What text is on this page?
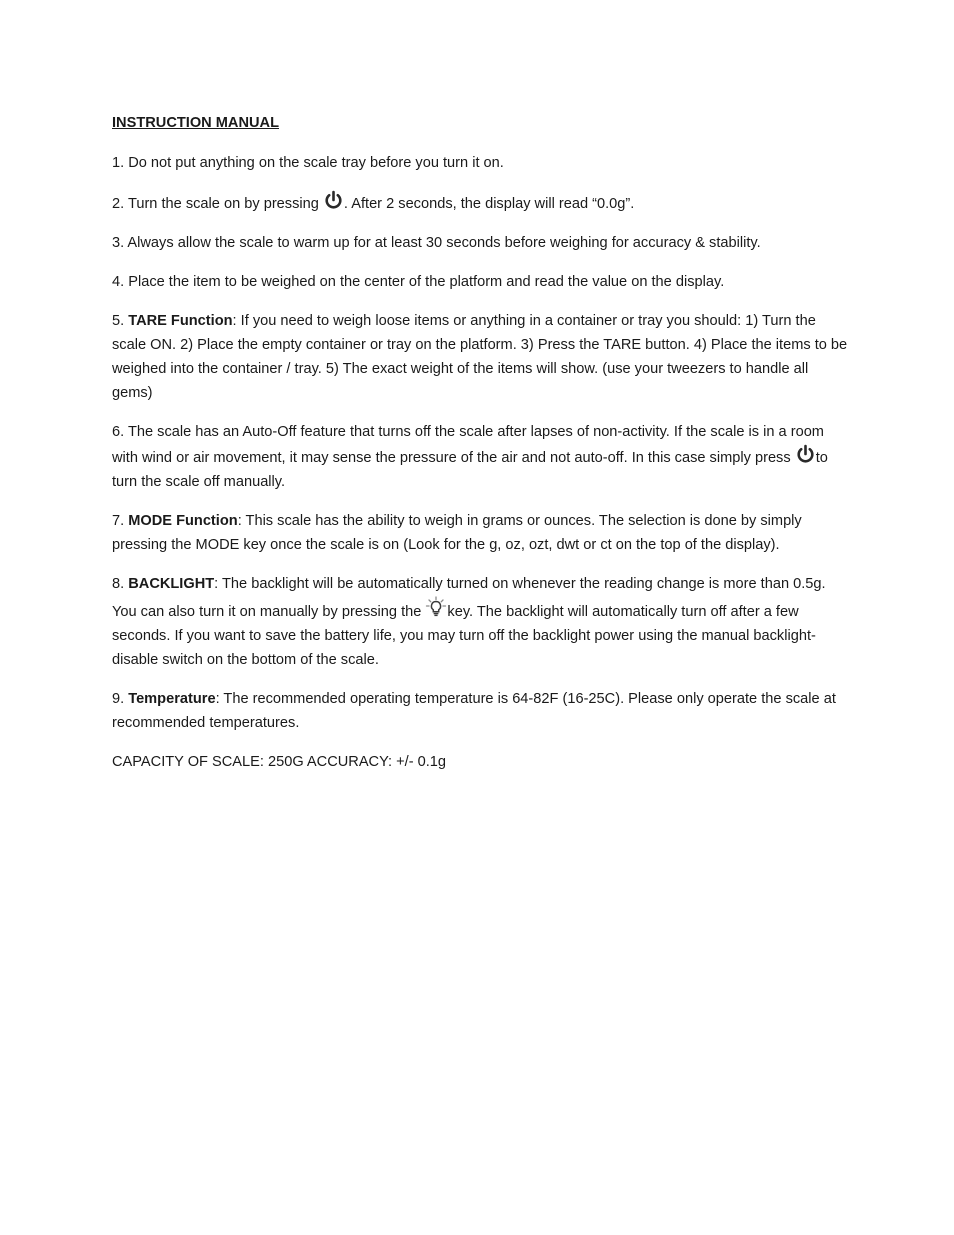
INSTRUCTION MANUAL

1. Do not put anything on the scale tray before you turn it on.

2. Turn the scale on by pressing
. After 2 seconds, the display will read “0.0g”.

3. Always allow the scale to warm up for at least 30 seconds before weighing for accuracy & stability.

4. Place the item to be weighed on the center of the platform and read the value on the display.

5. TARE Function: If you need to weigh loose items or anything in a container or tray you should: 1) Turn the scale ON. 2) Place the empty container or tray on the platform. 3) Press the TARE button. 4) Place the items to be weighed into the container / tray. 5) The exact weight of the items will show. (use your tweezers to handle all gems)

6. The scale has an Auto-Off feature that turns off the scale after lapses of non-activity. If the scale is in a room with wind or air movement, it may sense the pressure of the air and not auto-off. In this case simply press
to turn the scale off manually.

7. MODE Function: This scale has the ability to weigh in grams or ounces. The selection is done by simply pressing the MODE key once the scale is on (Look for the g, oz, ozt, dwt or ct on the top of the display).

8. BACKLIGHT: The backlight will be automatically turned on whenever the reading change is more than 0.5g. You can also turn it on manually by pressing the
key. The backlight will automatically turn off after a few seconds. If you want to save the battery life, you may turn off the backlight power using the manual backlight-disable switch on the bottom of the scale.

9. Temperature: The recommended operating temperature is 64-82F (16-25C). Please only operate the scale at recommended temperatures.

CAPACITY OF SCALE: 250G ACCURACY: +/- 0.1g
